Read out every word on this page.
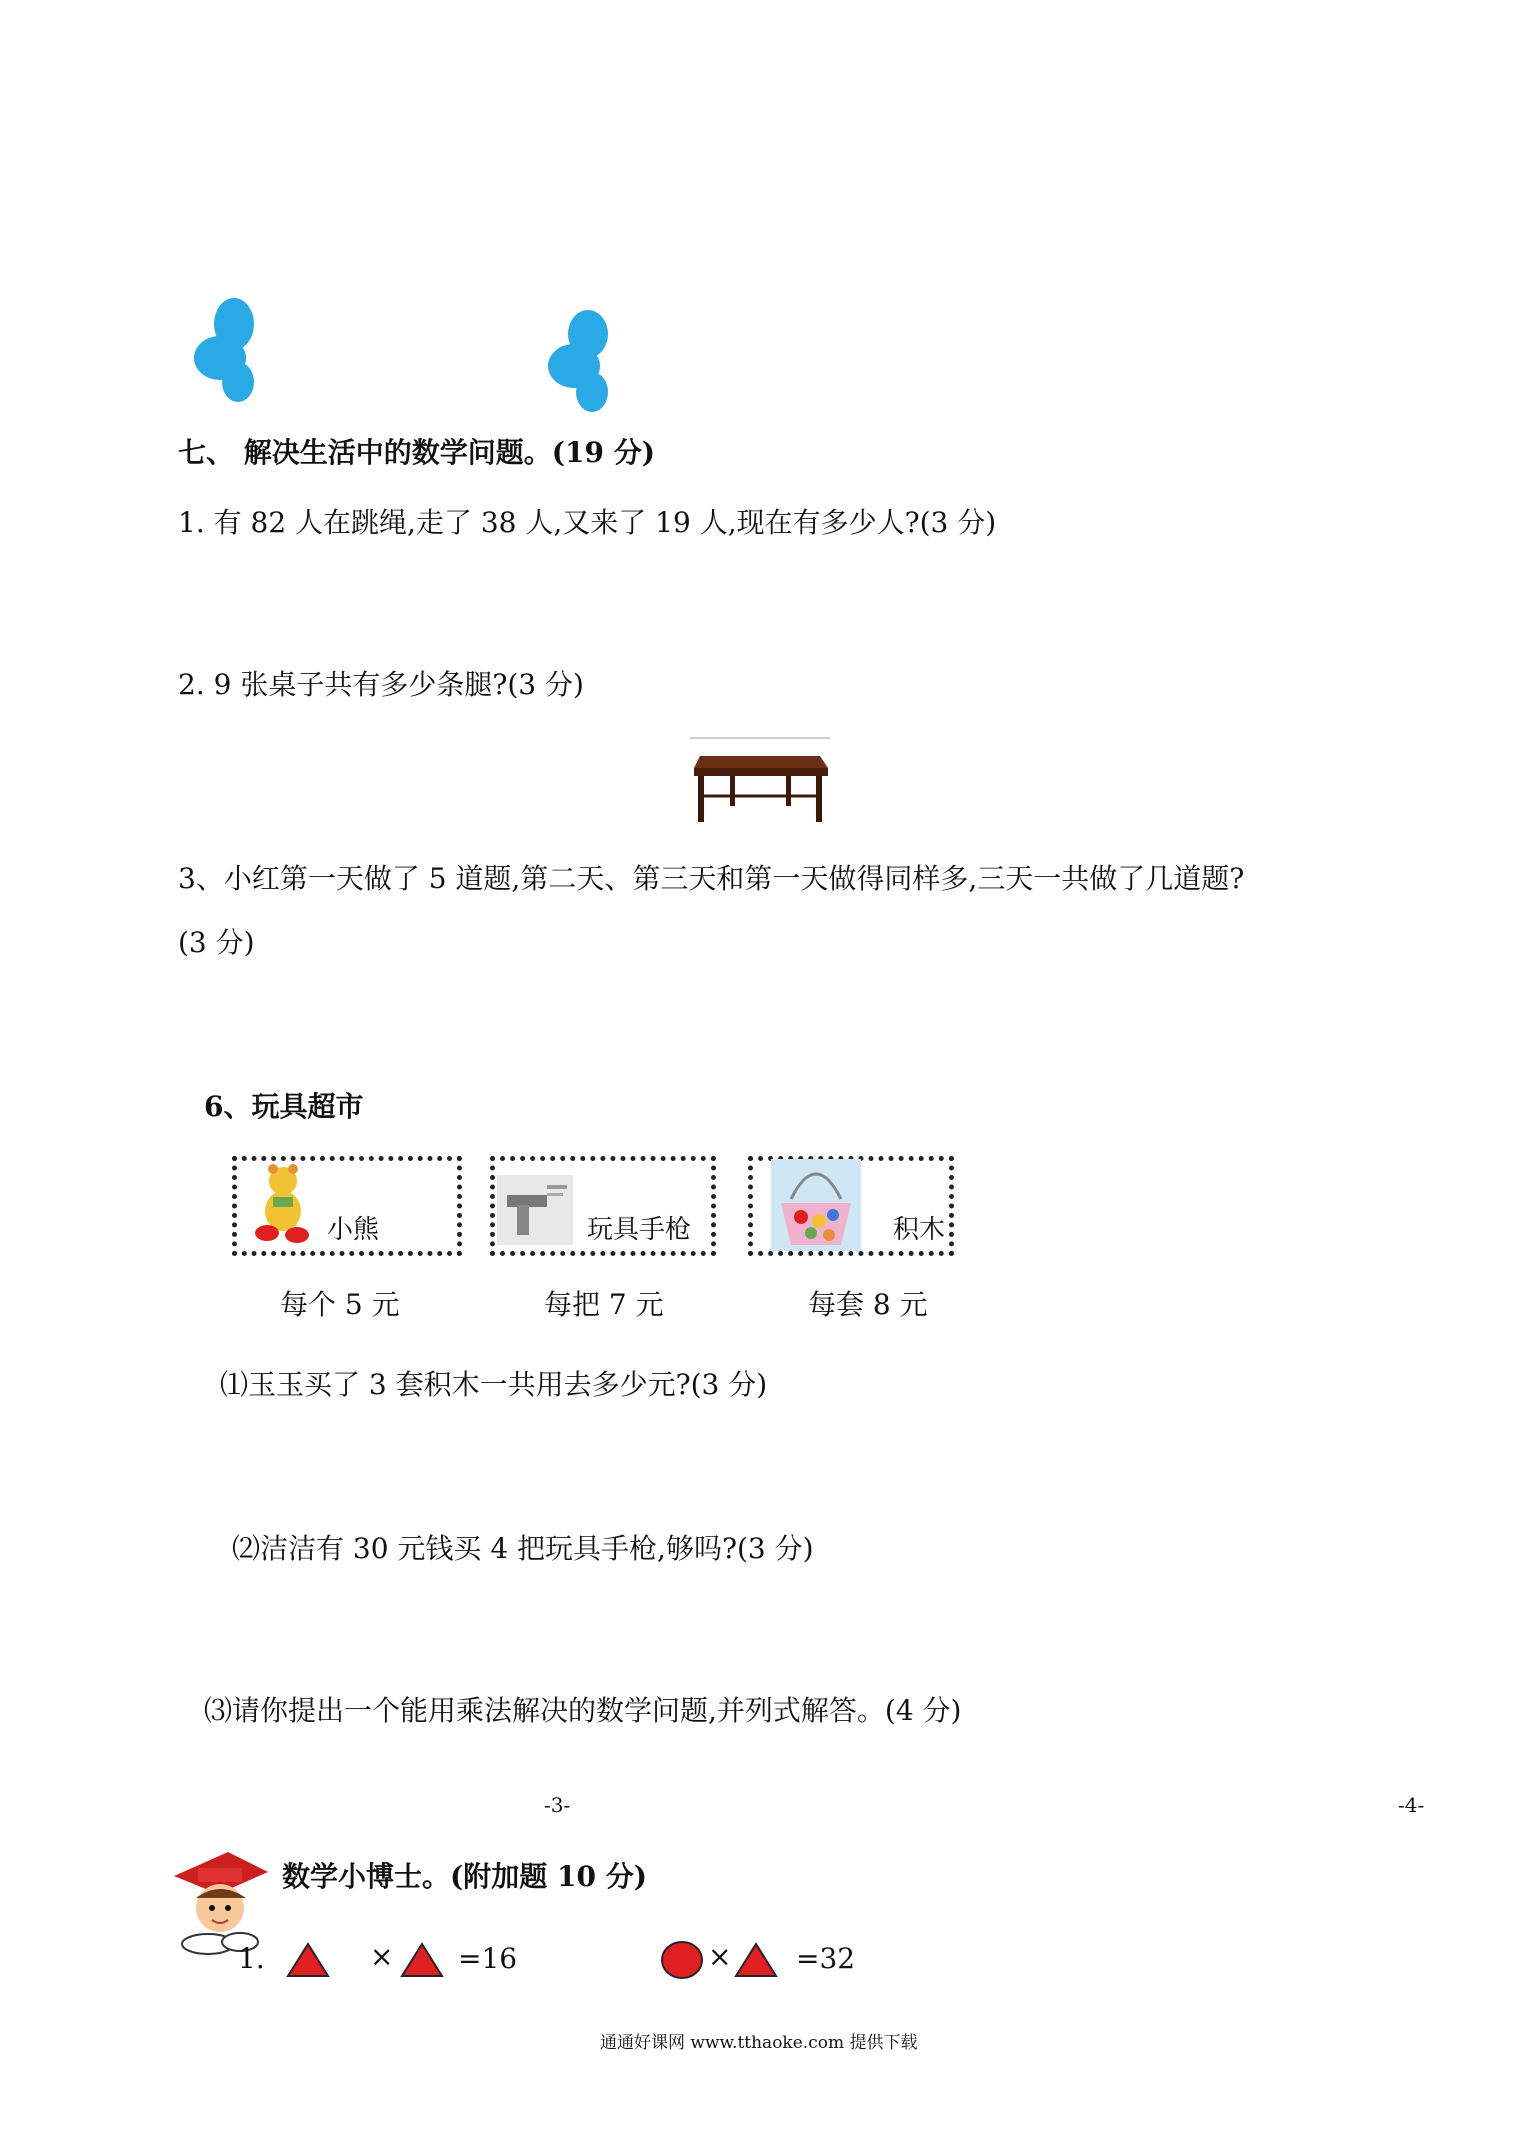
七、 解决生活中的数学问题。(19 分)
1. 有 82 人在跳绳,走了 38 人,又来了 19 人,现在有多少人?(3 分)
2. 9 张桌子共有多少条腿?(3 分)
3、小红第一天做了 5 道题,第二天、第三天和第一天做得同样多,三天一共做了几道题?
(3 分)
6、玩具超市
小熊
每个 5 元
玩具手枪
每把 7 元
积木
每套 8 元
⑴玉玉买了 3 套积木一共用去多少元?(3 分)
⑵洁洁有 30 元钱买 4 把玩具手枪,够吗?(3 分)
⑶请你提出一个能用乘法解决的数学问题,并列式解答。(4 分)
-3-	-4-
数学小博士。(附加题 10 分)
1.	× =16	× =32
通通好课网 www.tthaoke.com 提供下载
